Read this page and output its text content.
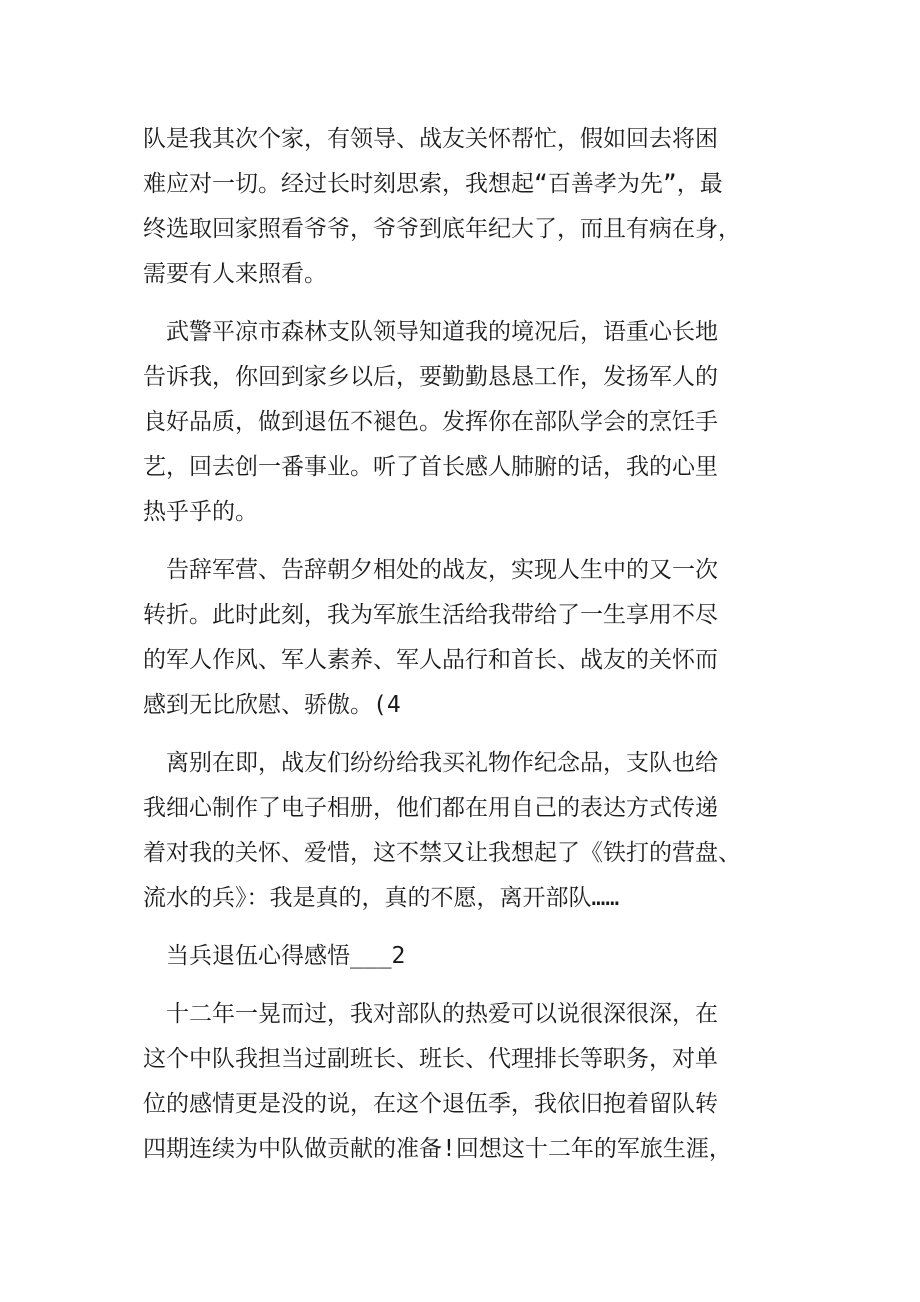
队是我其次个家，有领导、战友关怀帮忙，假如回去将困
难应对一切。经过长时刻思索，我想起“百善孝为先”，最
终选取回家照看爷爷，爷爷到底年纪大了，而且有病在身，
需要有人来照看。
武警平凉市森林支队领导知道我的境况后，语重心长地
告诉我，你回到家乡以后，要勤勤恳恳工作，发扬军人的
良好品质，做到退伍不褪色。发挥你在部队学会的烹饪手
艺，回去创一番事业。听了首长感人肺腑的话，我的心里
热乎乎的。
告辞军营、告辞朝夕相处的战友，实现人生中的又一次
转折。此时此刻，我为军旅生活给我带给了一生享用不尽
的军人作风、军人素养、军人品行和首长、战友的关怀而
感到无比欣慰、骄傲。(4
离别在即，战友们纷纷给我买礼物作纪念品，支队也给
我细心制作了电子相册，他们都在用自己的表达方式传递
着对我的关怀、爱惜，这不禁又让我想起了《铁打的营盘、
流水的兵》：我是真的，真的不愿，离开部队……
当兵退伍心得感悟___2
十二年一晃而过，我对部队的热爱可以说很深很深，在
这个中队我担当过副班长、班长、代理排长等职务，对单
位的感情更是没的说，在这个退伍季，我依旧抱着留队转
四期连续为中队做贡献的准备!回想这十二年的军旅生涯，
